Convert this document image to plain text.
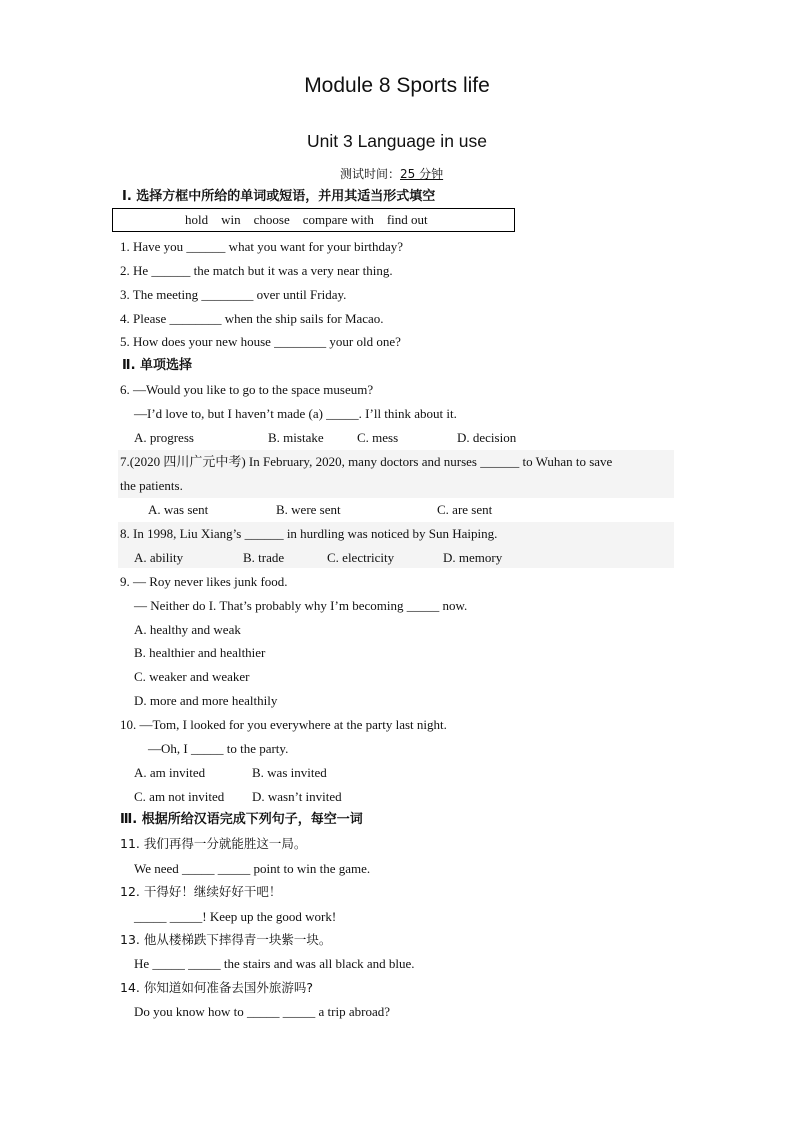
Module 8 Sports life
Unit 3 Language in use
测试时间：25 分钟
Ⅰ. 选择方框中所给的单词或短语，并用其适当形式填空
hold    win    choose    compare with    find out
1. Have you ______ what you want for your birthday?
2. He ______ the match but it was a very near thing.
3. The meeting ________ over until Friday.
4. Please ________ when the ship sails for Macao.
5. How does your new house ________ your old one?
Ⅱ. 单项选择
6. —Would you like to go to the space museum?
—I’d love to, but I haven’t made (a) _____. I’ll think about it.
A. progress	B. mistake	C. mess	D. decision
7.(2020 四川广元中考) In February, 2020, many doctors and nurses ______ to Wuhan to save
the patients.
A. was sent	B. were sent	C. are sent
8. In 1998, Liu Xiang’s ______ in hurdling was noticed by Sun Haiping.
A. ability	B. trade	C. electricity	D. memory
9. — Roy never likes junk food.
— Neither do I. That’s probably why I’m becoming _____ now.
A. healthy and weak
B. healthier and healthier
C. weaker and weaker
D. more and more healthily
10. —Tom, I looked for you everywhere at the party last night.
—Oh, I _____ to the party.
A. am invited	B. was invited
C. am not invited D. wasn’t invited
Ⅲ. 根据所给汉语完成下列句子，每空一词
11. 我们再得一分就能胜这一局。
We need _____ _____ point to win the game.
12. 干得好！继续好好干吧！
_____ _____! Keep up the good work!
13. 他从楼梯跌下摔得青一块紫一块。
He _____ _____ the stairs and was all black and blue.
14. 你知道如何准备去国外旅游吗?
Do you know how to _____ _____ a trip abroad?
